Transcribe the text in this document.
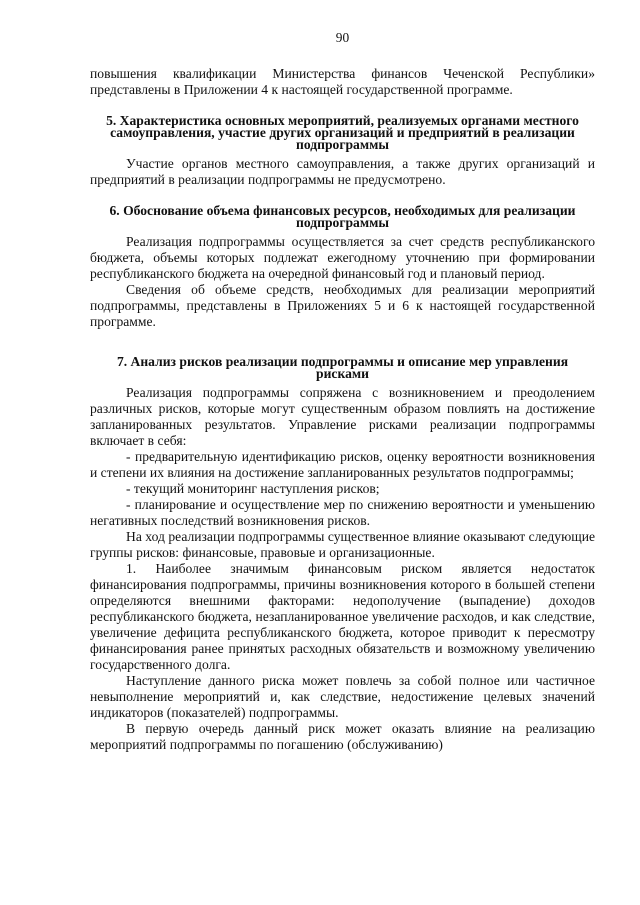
90

повышения квалификации Министерства финансов Чеченской Республики» представлены в Приложении 4 к настоящей государственной программе.

5. Характеристика основных мероприятий, реализуемых органами местного самоуправления, участие других организаций и предприятий в реализации подпрограммы

Участие органов местного самоуправления, а также других организаций и предприятий в реализации подпрограммы не предусмотрено.

6. Обоснование объема финансовых ресурсов, необходимых для реализации подпрограммы

Реализация подпрограммы осуществляется за счет средств республиканского бюджета, объемы которых подлежат ежегодному уточнению при формировании республиканского бюджета на очередной финансовый год и плановый период.

Сведения об объеме средств, необходимых для реализации мероприятий подпрограммы, представлены в Приложениях 5 и 6 к настоящей государственной программе.

7. Анализ рисков реализации подпрограммы и описание мер управления рисками

Реализация подпрограммы сопряжена с возникновением и преодолением различных рисков, которые могут существенным образом повлиять на достижение запланированных результатов. Управление рисками реализации подпрограммы включает в себя:

- предварительную идентификацию рисков, оценку вероятности возникновения и степени их влияния на достижение запланированных результатов подпрограммы;

- текущий мониторинг наступления рисков;

- планирование и осуществление мер по снижению вероятности и уменьшению негативных последствий возникновения рисков.

На ход реализации подпрограммы существенное влияние оказывают следующие группы рисков: финансовые, правовые и организационные.

1. Наиболее значимым финансовым риском является недостаток финансирования подпрограммы, причины возникновения которого в большей степени определяются внешними факторами: недополучение (выпадение) доходов республиканского бюджета, незапланированное увеличение расходов, и как следствие, увеличение дефицита республиканского бюджета, которое приводит к пересмотру финансирования ранее принятых расходных обязательств и возможному увеличению государственного долга.

Наступление данного риска может повлечь за собой полное или частичное невыполнение мероприятий и, как следствие, недостижение целевых значений индикаторов (показателей) подпрограммы.

В первую очередь данный риск может оказать влияние на реализацию мероприятий подпрограммы по погашению (обслуживанию)
